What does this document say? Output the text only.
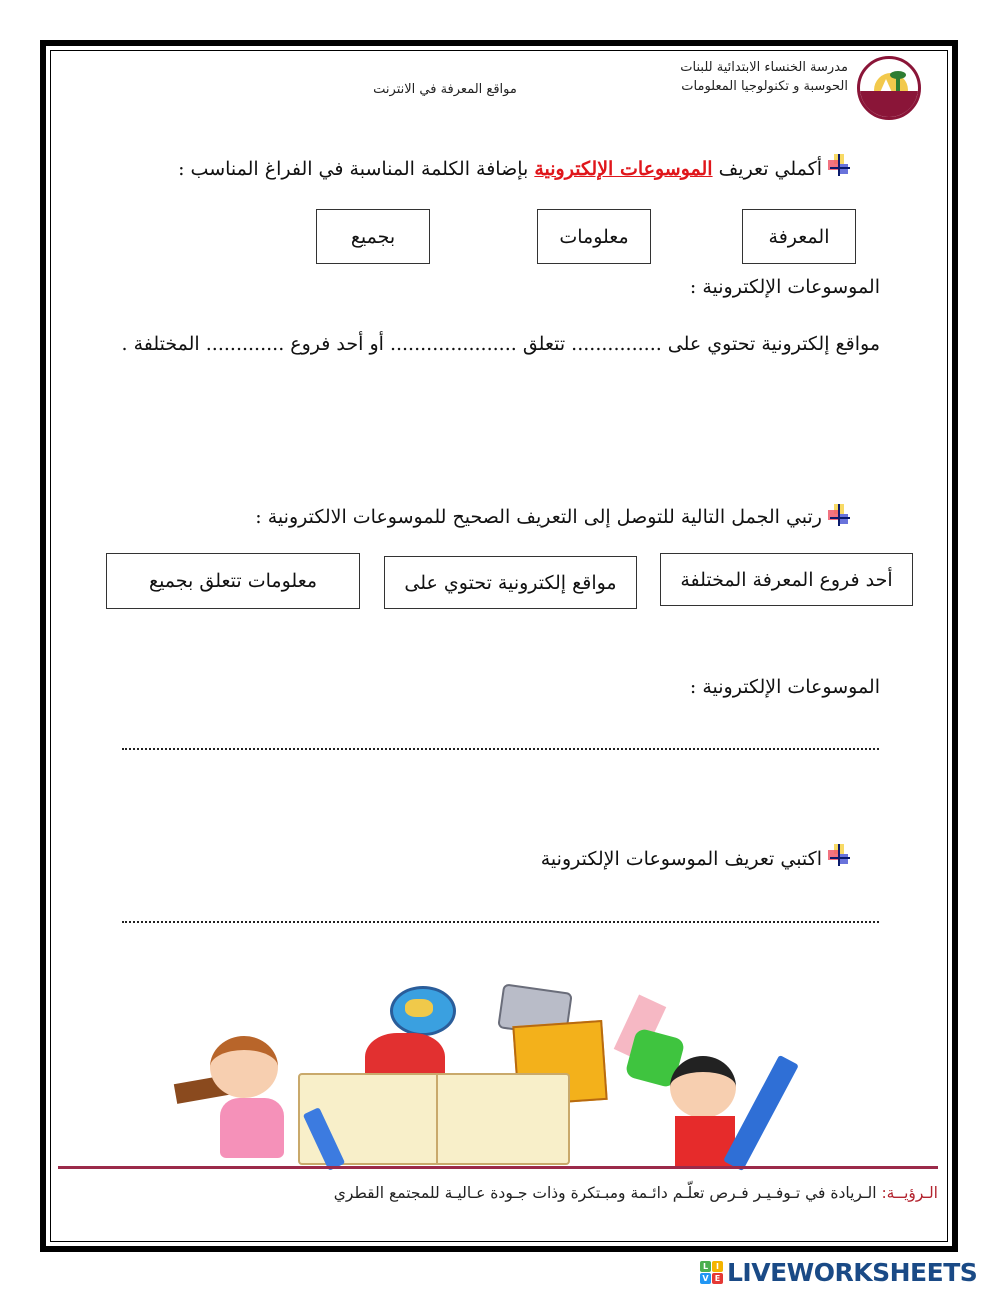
مدرسة الخنساء الابتدائية للبنات
الحوسبة و تكنولوجيا المعلومات
مواقع المعرفة في الانترنت
أكملي تعريف الموسوعات الإلكترونية بإضافة الكلمة المناسبة في الفراغ المناسب :
المعرفة
معلومات
بجميع
الموسوعات الإلكترونية :
مواقع إلكترونية تحتوي على ............... تتعلق ..................... أو أحد فروع ............. المختلفة .
رتبي الجمل التالية للتوصل إلى التعريف الصحيح للموسوعات الالكترونية :
أحد فروع المعرفة المختلفة
مواقع إلكترونية تحتوي على
معلومات تتعلق بجميع
الموسوعات الإلكترونية :
اكتبي تعريف الموسوعات الإلكترونية
الـرؤيــة: الـريادة في تـوفـيـر فـرص تعلّـم دائـمة ومبـتكرة وذات جـودة عـاليـة للمجتمع القطري
L I
V E LIVEWORKSHEETS
